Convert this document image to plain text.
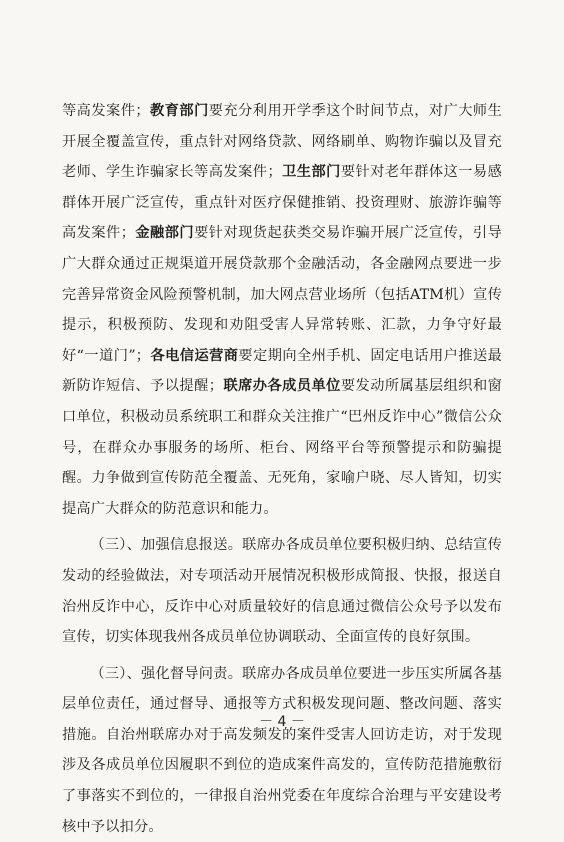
等高发案件；教育部门要充分利用开学季这个时间节点，对广大师生开展全覆盖宣传，重点针对网络贷款、网络刷单、购物诈骗以及冒充老师、学生诈骗家长等高发案件；卫生部门要针对老年群体这一易感群体开展广泛宣传，重点针对医疗保健推销、投资理财、旅游诈骗等高发案件；金融部门要针对现货起获类交易诈骗开展广泛宣传，引导广大群众通过正规渠道开展贷款那个金融活动，各金融网点要进一步完善异常资金风险预警机制，加大网点营业场所（包括ATM机）宣传提示，积极预防、发现和劝阻受害人异常转账、汇款，力争守好最好“一道门”；各电信运营商要定期向全州手机、固定电话用户推送最新防诈短信、予以提醒；联席办各成员单位要发动所属基层组织和窗口单位，积极动员系统职工和群众关注推广“巴州反诈中心”微信公众号，在群众办事服务的场所、柜台、网络平台等预警提示和防骗提醒。力争做到宣传防范全覆盖、无死角，家喻户晓、尽人皆知，切实提高广大群众的防范意识和能力。

（三）、加强信息报送。联席办各成员单位要积极归纳、总结宣传发动的经验做法，对专项活动开展情况积极形成简报、快报，报送自治州反诈中心，反诈中心对质量较好的信息通过微信公众号予以发布宣传，切实体现我州各成员单位协调联动、全面宣传的良好氛围。

（三）、强化督导问责。联席办各成员单位要进一步压实所属各基层单位责任，通过督导、通报等方式积极发现问题、整改问题、落实措施。自治州联席办对于高发频发的案件受害人回访走访，对于发现涉及各成员单位因履职不到位的造成案件高发的，宣传防范措施敷衍了事落实不到位的，一律报自治州党委在年度综合治理与平安建设考核中予以扣分。

－ 4 －
